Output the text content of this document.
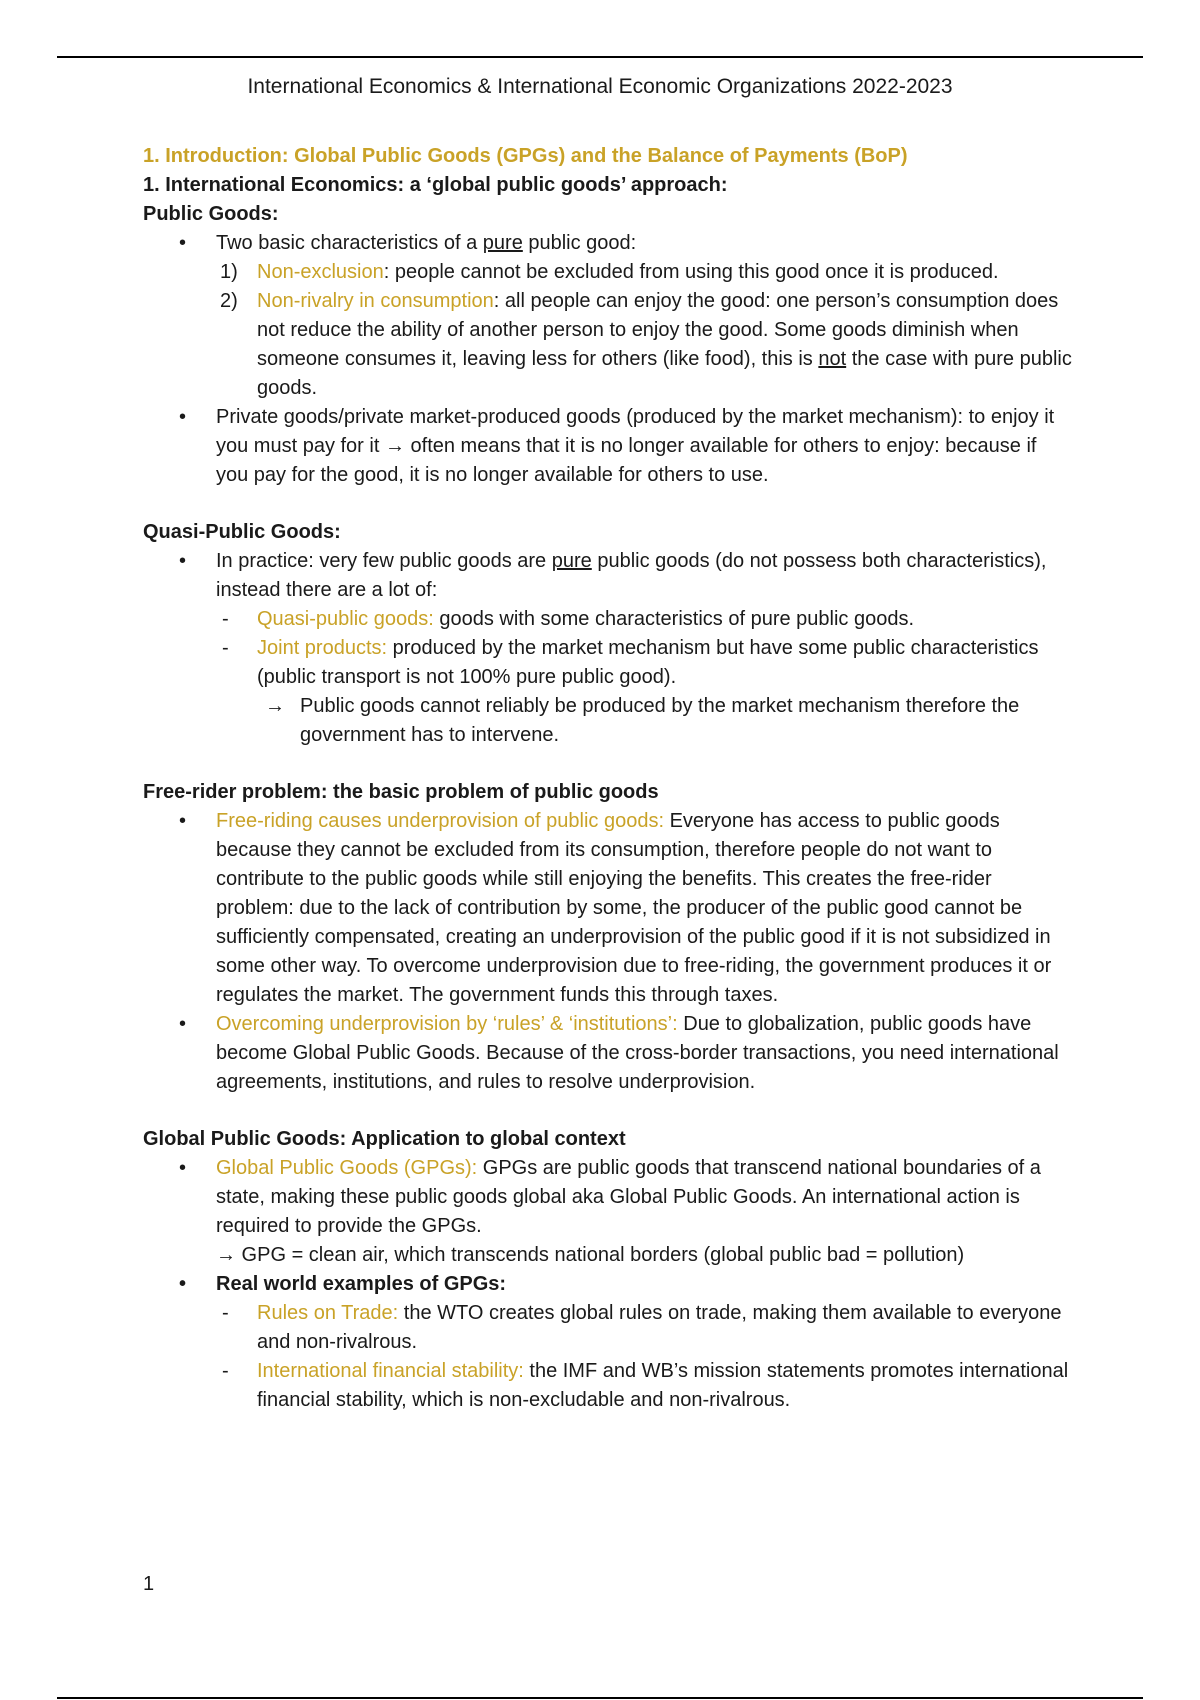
International Economics & International Economic Organizations 2022-2023

1. Introduction: Global Public Goods (GPGs) and the Balance of Payments (BoP)

1. International Economics: a ‘global public goods’ approach:

Public Goods:

• Two basic characteristics of a pure public good:
1) Non-exclusion: people cannot be excluded from using this good once it is produced.
2) Non-rivalry in consumption: all people can enjoy the good: one person’s consumption does not reduce the ability of another person to enjoy the good. Some goods diminish when someone consumes it, leaving less for others (like food), this is not the case with pure public goods.
• Private goods/private market-produced goods (produced by the market mechanism): to enjoy it you must pay for it → often means that it is no longer available for others to enjoy: because if you pay for the good, it is no longer available for others to use.

Quasi-Public Goods:

• In practice: very few public goods are pure public goods (do not possess both characteristics), instead there are a lot of:
- Quasi-public goods: goods with some characteristics of pure public goods.
- Joint products: produced by the market mechanism but have some public characteristics (public transport is not 100% pure public good).
→ Public goods cannot reliably be produced by the market mechanism therefore the government has to intervene.

Free-rider problem: the basic problem of public goods

• Free-riding causes underprovision of public goods: Everyone has access to public goods because they cannot be excluded from its consumption, therefore people do not want to contribute to the public goods while still enjoying the benefits. This creates the free-rider problem: due to the lack of contribution by some, the producer of the public good cannot be sufficiently compensated, creating an underprovision of the public good if it is not subsidized in some other way. To overcome underprovision due to free-riding, the government produces it or regulates the market. The government funds this through taxes.
• Overcoming underprovision by ‘rules’ & ‘institutions’: Due to globalization, public goods have become Global Public Goods. Because of the cross-border transactions, you need international agreements, institutions, and rules to resolve underprovision.

Global Public Goods: Application to global context

• Global Public Goods (GPGs): GPGs are public goods that transcend national boundaries of a state, making these public goods global aka Global Public Goods. An international action is required to provide the GPGs.
→ GPG = clean air, which transcends national borders (global public bad = pollution)
• Real world examples of GPGs:
- Rules on Trade: the WTO creates global rules on trade, making them available to everyone and non-rivalrous.
- International financial stability: the IMF and WB’s mission statements promotes international financial stability, which is non-excludable and non-rivalrous.
1
